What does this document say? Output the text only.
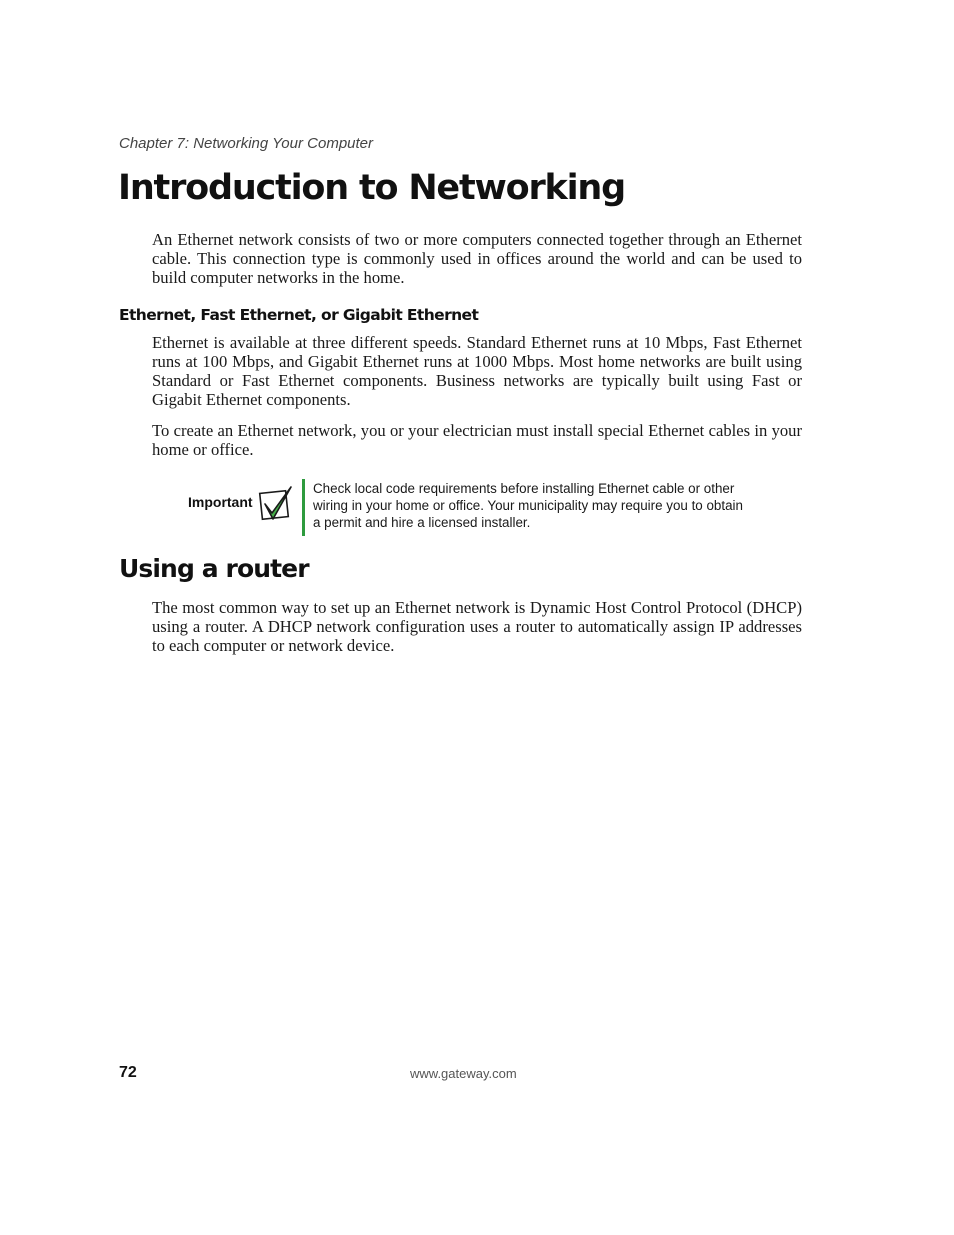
Chapter 7: Networking Your Computer
Introduction to Networking

An Ethernet network consists of two or more computers connected together through an Ethernet cable. This connection type is commonly used in offices around the world and can be used to build computer networks in the home.

Ethernet, Fast Ethernet, or Gigabit Ethernet

Ethernet is available at three different speeds. Standard Ethernet runs at 10 Mbps, Fast Ethernet runs at 100 Mbps, and Gigabit Ethernet runs at 1000 Mbps. Most home networks are built using Standard or Fast Ethernet components. Business networks are typically built using Fast or Gigabit Ethernet components.

To create an Ethernet network, you or your electrician must install special Ethernet cables in your home or office.

Important

Check local code requirements before installing Ethernet cable or other wiring in your home or office. Your municipality may require you to obtain a permit and hire a licensed installer.

Using a router

The most common way to set up an Ethernet network is Dynamic Host Control Protocol (DHCP) using a router. A DHCP network configuration uses a router to automatically assign IP addresses to each computer or network device.

72	www.gateway.com
